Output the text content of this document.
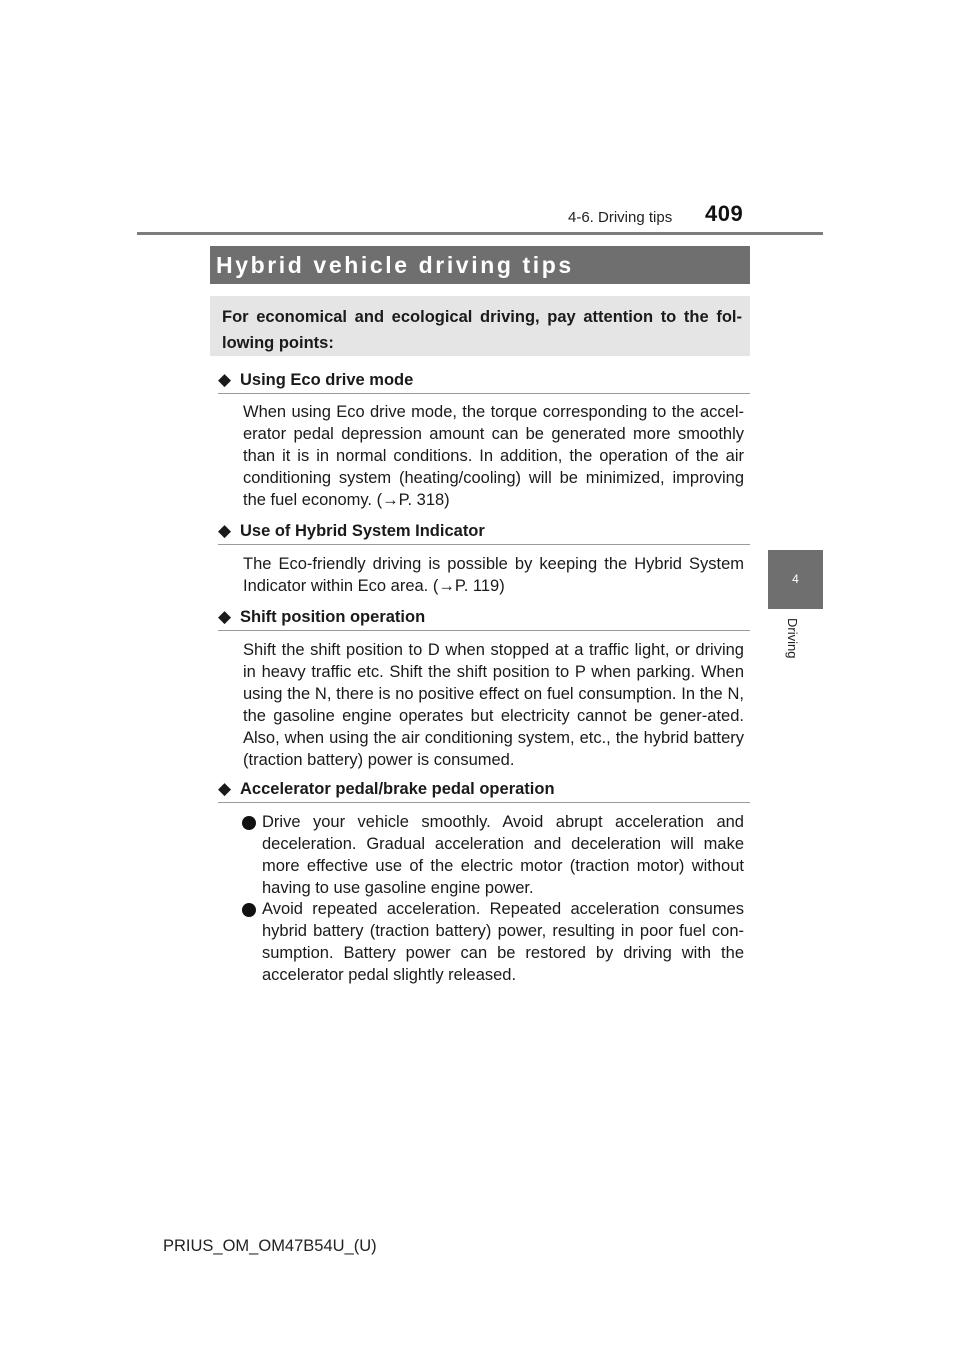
4-6. Driving tips 409
4
Driving
Hybrid vehicle driving tips
For economical and ecological driving, pay attention to the fol-lowing points:
◆ Using Eco drive mode
When using Eco drive mode, the torque corresponding to the accel-erator pedal depression amount can be generated more smoothly than it is in normal conditions. In addition, the operation of the air conditioning system (heating/cooling) will be minimized, improving the fuel economy. (→P. 318)
◆ Use of Hybrid System Indicator
The Eco-friendly driving is possible by keeping the Hybrid System Indicator within Eco area. (→P. 119)
◆ Shift position operation
Shift the shift position to D when stopped at a traffic light, or driving in heavy traffic etc. Shift the shift position to P when parking. When using the N, there is no positive effect on fuel consumption. In the N, the gasoline engine operates but electricity cannot be gener-ated. Also, when using the air conditioning system, etc., the hybrid battery (traction battery) power is consumed.
◆ Accelerator pedal/brake pedal operation
Drive your vehicle smoothly. Avoid abrupt acceleration and deceleration. Gradual acceleration and deceleration will make more effective use of the electric motor (traction motor) without having to use gasoline engine power.
Avoid repeated acceleration. Repeated acceleration consumes hybrid battery (traction battery) power, resulting in poor fuel con-sumption. Battery power can be restored by driving with the accelerator pedal slightly released.
PRIUS_OM_OM47B54U_(U)
